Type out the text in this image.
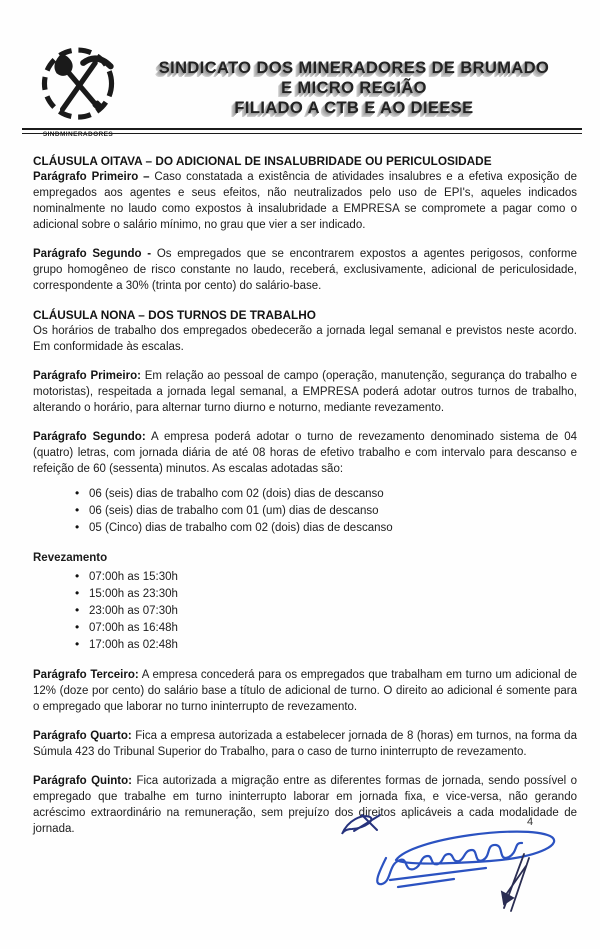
SINDMINERADORES
SINDICATO DOS MINERADORES DE BRUMADO
E MICRO REGIÃO
FILIADO A CTB E AO DIEESE
CLÁUSULA OITAVA – DO ADICIONAL DE INSALUBRIDADE OU PERICULOSIDADE

Parágrafo Primeiro – Caso constatada a existência de atividades insalubres e a efetiva exposição de empregados aos agentes e seus efeitos, não neutralizados pelo uso de EPI's, aqueles indicados nominalmente no laudo como expostos à insalubridade a EMPRESA se compromete a pagar como o adicional sobre o salário mínimo, no grau que vier a ser indicado.

Parágrafo Segundo - Os empregados que se encontrarem expostos a agentes perigosos, conforme grupo homogêneo de risco constante no laudo, receberá, exclusivamente, adicional de periculosidade, correspondente a 30% (trinta por cento) do salário-base.

CLÁUSULA NONA – DOS TURNOS DE TRABALHO

Os horários de trabalho dos empregados obedecerão a jornada legal semanal e previstos neste acordo. Em conformidade às escalas.

Parágrafo Primeiro: Em relação ao pessoal de campo (operação, manutenção, segurança do trabalho e motoristas), respeitada a jornada legal semanal, a EMPRESA poderá adotar outros turnos de trabalho, alterando o horário, para alternar turno diurno e noturno, mediante revezamento.

Parágrafo Segundo: A empresa poderá adotar o turno de revezamento denominado sistema de 04 (quatro) letras, com jornada diária de até 08 horas de efetivo trabalho e com intervalo para descanso e refeição de 60 (sessenta) minutos. As escalas adotadas são:

• 06 (seis) dias de trabalho com 02 (dois) dias de descanso
• 06 (seis) dias de trabalho com 01 (um) dias de descanso
• 05 (Cinco) dias de trabalho com 02 (dois) dias de descanso
Revezamento
• 07:00h as 15:30h
• 15:00h as 23:30h
• 23:00h as 07:30h
• 07:00h as 16:48h
• 17:00h as 02:48h

Parágrafo Terceiro: A empresa concederá para os empregados que trabalham em turno um adicional de 12% (doze por cento) do salário base a título de adicional de turno. O direito ao adicional é somente para o empregado que laborar no turno ininterrupto de revezamento.

Parágrafo Quarto: Fica a empresa autorizada a estabelecer jornada de 8 (horas) em turnos, na forma da Súmula 423 do Tribunal Superior do Trabalho, para o caso de turno ininterrupto de revezamento.

Parágrafo Quinto: Fica autorizada a migração entre as diferentes formas de jornada, sendo possível o empregado que trabalhe em turno ininterrupto laborar em jornada fixa, e vice-versa, não gerando acréscimo extraordinário na remuneração, sem prejuízo dos direitos aplicáveis a cada modalidade de jornada.

4
